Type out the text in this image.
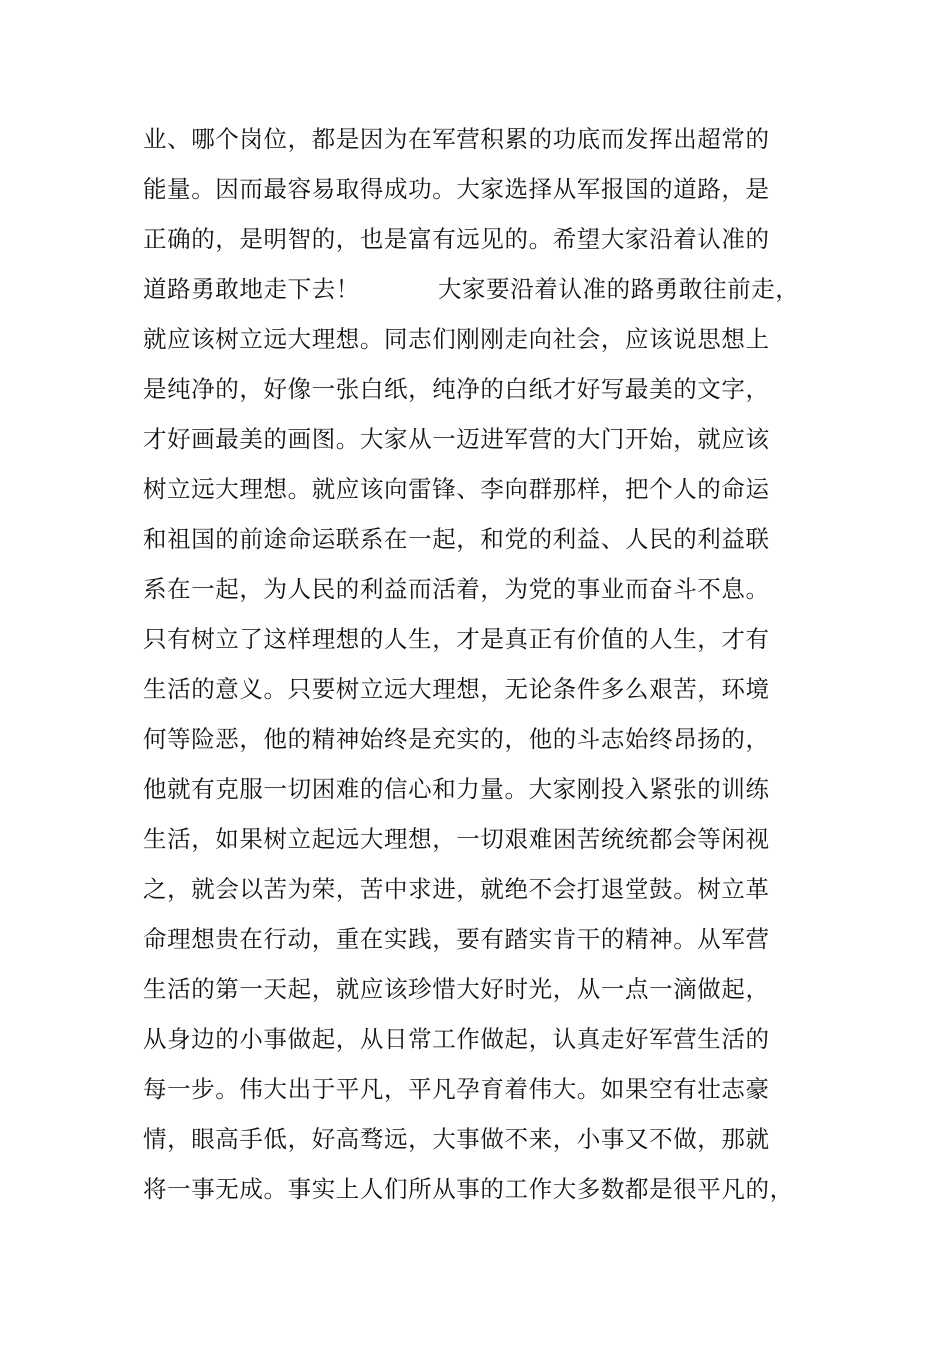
业、哪个岗位，都是因为在军营积累的功底而发挥出超常的
能量。因而最容易取得成功。大家选择从军报国的道路，是
正确的，是明智的，也是富有远见的。希望大家沿着认准的
道路勇敢地走下去！	大家要沿着认准的路勇敢往前走，
就应该树立远大理想。同志们刚刚走向社会，应该说思想上
是纯净的，好像一张白纸，纯净的白纸才好写最美的文字，
才好画最美的画图。大家从一迈进军营的大门开始，就应该
树立远大理想。就应该向雷锋、李向群那样，把个人的命运
和祖国的前途命运联系在一起，和党的利益、人民的利益联
系在一起，为人民的利益而活着，为党的事业而奋斗不息。
只有树立了这样理想的人生，才是真正有价值的人生，才有
生活的意义。只要树立远大理想，无论条件多么艰苦，环境
何等险恶，他的精神始终是充实的，他的斗志始终昂扬的，
他就有克服一切困难的信心和力量。大家刚投入紧张的训练
生活，如果树立起远大理想，一切艰难困苦统统都会等闲视
之，就会以苦为荣，苦中求进，就绝不会打退堂鼓。树立革
命理想贵在行动，重在实践，要有踏实肯干的精神。从军营
生活的第一天起，就应该珍惜大好时光，从一点一滴做起，
从身边的小事做起，从日常工作做起，认真走好军营生活的
每一步。伟大出于平凡，平凡孕育着伟大。如果空有壮志豪
情，眼高手低，好高骛远，大事做不来，小事又不做，那就
将一事无成。事实上人们所从事的工作大多数都是很平凡的，
